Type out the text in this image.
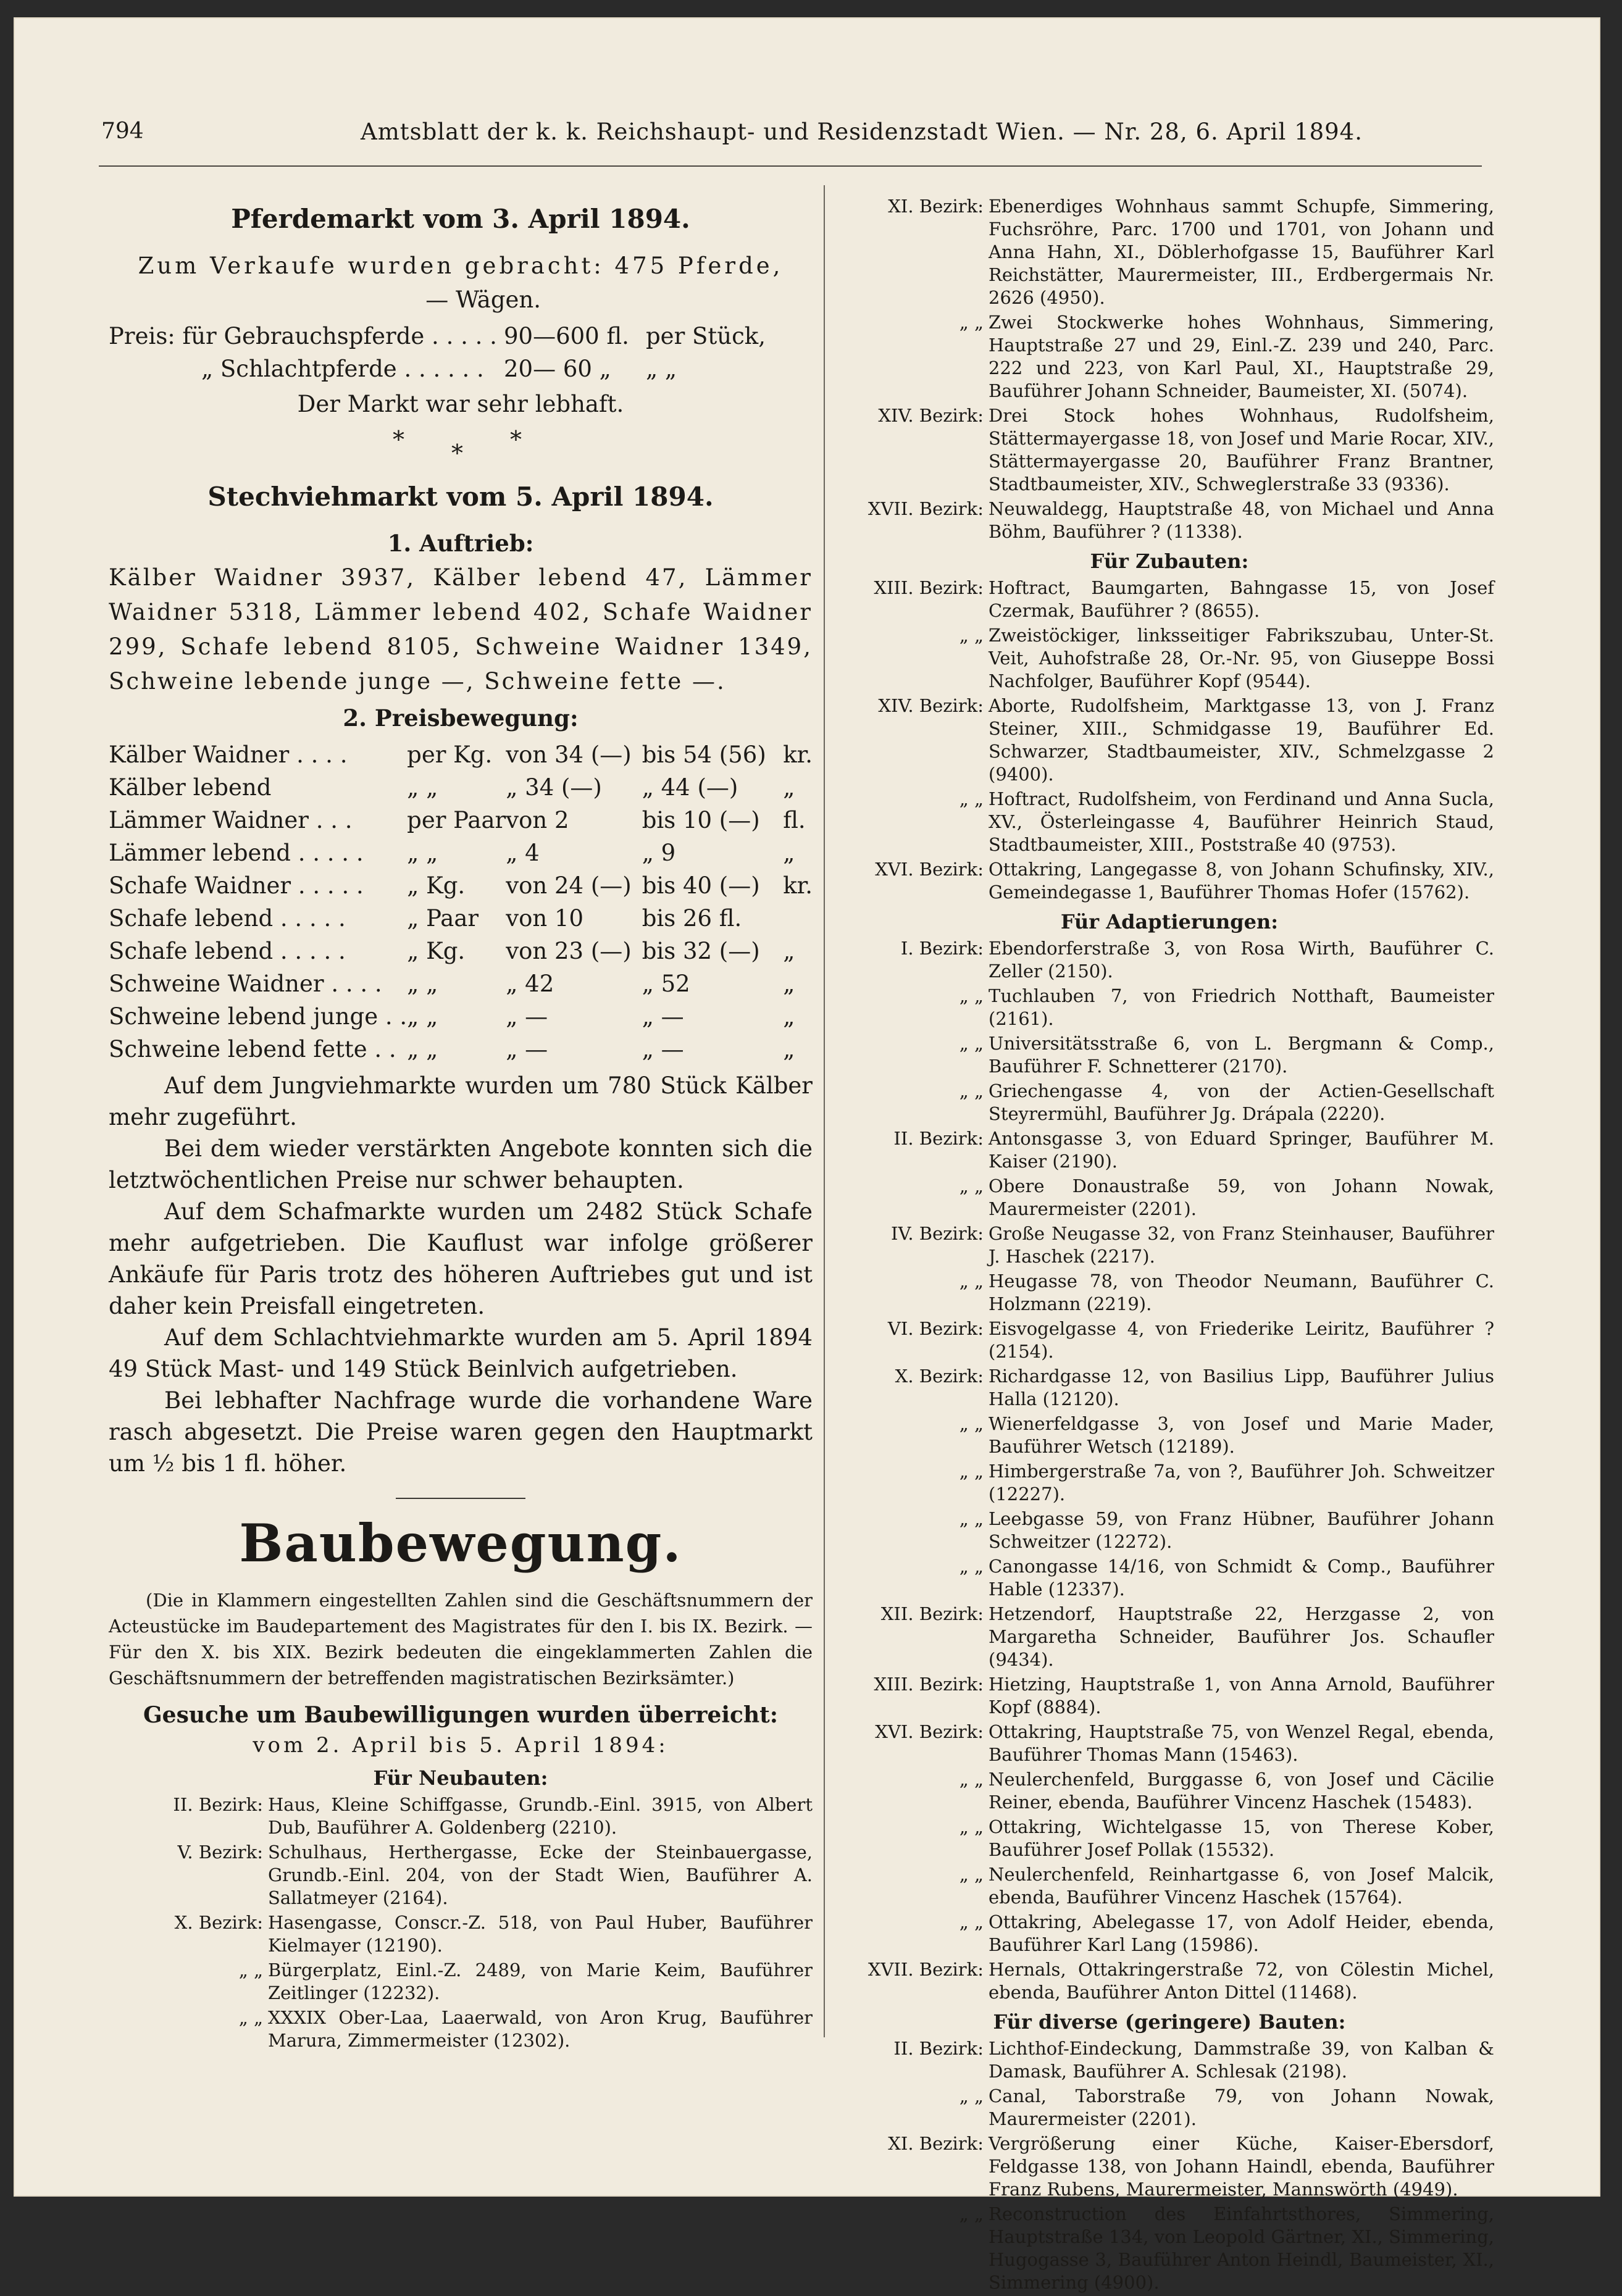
794	Amtsblatt der k. k. Reichshaupt- und Residenzstadt Wien. — Nr. 28, 6. April 1894.
Pferdemarkt vom 3. April 1894.
Zum Verkaufe wurden gebracht: 475 Pferde,
— Wägen.
Preis: für Gebrauchspferde . . . . .	90—600 fl.	per Stück,
„ Schlachtpferde . . . . . .	20— 60 „	„ „
Der Markt war sehr lebhaft.
* * *
Stechviehmarkt vom 5. April 1894.
1. Auftrieb:

Kälber Waidner 3937, Kälber lebend 47, Lämmer Waidner 5318, Lämmer lebend 402, Schafe Waidner 299, Schafe lebend 8105, Schweine Waidner 1349, Schweine lebende junge —, Schweine fette —.

2. Preisbewegung:
Kälber Waidner . . . .	per Kg.	von 34 (—)	bis 54 (56)	kr.
Kälber lebend	„ „	„ 34 (—)	„ 44 (—)	„
Lämmer Waidner . . .	per Paar	von 2	bis 10 (—)	fl.
Lämmer lebend . . . . .	„ „	„ 4	„ 9	„
Schafe Waidner . . . . .	„ Kg.	von 24 (—)	bis 40 (—)	kr.
Schafe lebend . . . . .	„ Paar	von 10	bis 26 fl.	
Schafe lebend . . . . .	„ Kg.	von 23 (—)	bis 32 (—)	„
Schweine Waidner . . . .	„ „	„ 42	„ 52	„
Schweine lebend junge . .	„ „	„ —	„ —	„
Schweine lebend fette . .	„ „	„ —	„ —	„

Auf dem Jungviehmarkte wurden um 780 Stück Kälber mehr zugeführt.

Bei dem wieder verstärkten Angebote konnten sich die letztwöchentlichen Preise nur schwer behaupten.

Auf dem Schafmarkte wurden um 2482 Stück Schafe mehr aufgetrieben. Die Kauflust war infolge größerer Ankäufe für Paris trotz des höheren Auftriebes gut und ist daher kein Preisfall eingetreten.

Auf dem Schlachtviehmarkte wurden am 5. April 1894 49 Stück Mast- und 149 Stück Beinlvich aufgetrieben.

Bei lebhafter Nachfrage wurde die vorhandene Ware rasch abgesetzt. Die Preise waren gegen den Hauptmarkt um ½ bis 1 fl. höher.

Baubewegung.

(Die in Klammern eingestellten Zahlen sind die Geschäftsnummern der Acteustücke im Baudepartement des Magistrates für den I. bis IX. Bezirk. — Für den X. bis XIX. Bezirk bedeuten die eingeklammerten Zahlen die Geschäftsnummern der betreffenden magistratischen Bezirksämter.)

Gesuche um Baubewilligungen wurden überreicht:
vom 2. April bis 5. April 1894:
Für Neubauten:
II. Bezirk: Haus, Kleine Schiffgasse, Grundb.-Einl. 3915, von Albert Dub, Bauführer A. Goldenberg (2210).
V. Bezirk: Schulhaus, Herthergasse, Ecke der Steinbauergasse, Grundb.-Einl. 204, von der Stadt Wien, Bauführer A. Sallatmeyer (2164).
X. Bezirk: Hasengasse, Conscr.-Z. 518, von Paul Huber, Bauführer Kielmayer (12190).
„ „ Bürgerplatz, Einl.-Z. 2489, von Marie Keim, Bauführer Zeitlinger (12232).
„ „ XXXIX Ober-Laa, Laaerwald, von Aron Krug, Bauführer Marura, Zimmermeister (12302).
XI. Bezirk: Ebenerdiges Wohnhaus sammt Schupfe, Simmering, Fuchsröhre, Parc. 1700 und 1701, von Johann und Anna Hahn, XI., Döblerhofgasse 15, Bauführer Karl Reichstätter, Maurermeister, III., Erdbergermais Nr. 2626 (4950).
„ „ Zwei Stockwerke hohes Wohnhaus, Simmering, Hauptstraße 27 und 29, Einl.-Z. 239 und 240, Parc. 222 und 223, von Karl Paul, XI., Hauptstraße 29, Bauführer Johann Schneider, Baumeister, XI. (5074).
XIV. Bezirk: Drei Stock hohes Wohnhaus, Rudolfsheim, Stättermayergasse 18, von Josef und Marie Rocar, XIV., Stättermayergasse 20, Bauführer Franz Brantner, Stadtbaumeister, XIV., Schweglerstraße 33 (9336).
XVII. Bezirk: Neuwaldegg, Hauptstraße 48, von Michael und Anna Böhm, Bauführer ? (11338).
Für Zubauten:
XIII. Bezirk: Hoftract, Baumgarten, Bahngasse 15, von Josef Czermak, Bauführer ? (8655).
„ „ Zweistöckiger, linksseitiger Fabrikszubau, Unter-St. Veit, Auhofstraße 28, Or.-Nr. 95, von Giuseppe Bossi Nachfolger, Bauführer Kopf (9544).
XIV. Bezirk: Aborte, Rudolfsheim, Marktgasse 13, von J. Franz Steiner, XIII., Schmidgasse 19, Bauführer Ed. Schwarzer, Stadtbaumeister, XIV., Schmelzgasse 2 (9400).
„ „ Hoftract, Rudolfsheim, von Ferdinand und Anna Sucla, XV., Österleingasse 4, Bauführer Heinrich Staud, Stadtbaumeister, XIII., Poststraße 40 (9753).
XVI. Bezirk: Ottakring, Langegasse 8, von Johann Schufinsky, XIV., Gemeindegasse 1, Bauführer Thomas Hofer (15762).
Für Adaptierungen:
I. Bezirk: Ebendorferstraße 3, von Rosa Wirth, Bauführer C. Zeller (2150).
„ „ Tuchlauben 7, von Friedrich Notthaft, Baumeister (2161).
„ „ Universitätsstraße 6, von L. Bergmann & Comp., Bauführer F. Schnetterer (2170).
„ „ Griechengasse 4, von der Actien-Gesellschaft Steyrermühl, Bauführer Jg. Drápala (2220).
II. Bezirk: Antonsgasse 3, von Eduard Springer, Bauführer M. Kaiser (2190).
„ „ Obere Donaustraße 59, von Johann Nowak, Maurermeister (2201).
IV. Bezirk: Große Neugasse 32, von Franz Steinhauser, Bauführer J. Haschek (2217).
„ „ Heugasse 78, von Theodor Neumann, Bauführer C. Holzmann (2219).
VI. Bezirk: Eisvogelgasse 4, von Friederike Leiritz, Bauführer ? (2154).
X. Bezirk: Richardgasse 12, von Basilius Lipp, Bauführer Julius Halla (12120).
„ „ Wienerfeldgasse 3, von Josef und Marie Mader, Bauführer Wetsch (12189).
„ „ Himbergerstraße 7a, von ?, Bauführer Joh. Schweitzer (12227).
„ „ Leebgasse 59, von Franz Hübner, Bauführer Johann Schweitzer (12272).
„ „ Canongasse 14/16, von Schmidt & Comp., Bauführer Hable (12337).
XII. Bezirk: Hetzendorf, Hauptstraße 22, Herzgasse 2, von Margaretha Schneider, Bauführer Jos. Schaufler (9434).
XIII. Bezirk: Hietzing, Hauptstraße 1, von Anna Arnold, Bauführer Kopf (8884).
XVI. Bezirk: Ottakring, Hauptstraße 75, von Wenzel Regal, ebenda, Bauführer Thomas Mann (15463).
„ „ Neulerchenfeld, Burggasse 6, von Josef und Cäcilie Reiner, ebenda, Bauführer Vincenz Haschek (15483).
„ „ Ottakring, Wichtelgasse 15, von Therese Kober, Bauführer Josef Pollak (15532).
„ „ Neulerchenfeld, Reinhartgasse 6, von Josef Malcik, ebenda, Bauführer Vincenz Haschek (15764).
„ „ Ottakring, Abelegasse 17, von Adolf Heider, ebenda, Bauführer Karl Lang (15986).
XVII. Bezirk: Hernals, Ottakringerstraße 72, von Cölestin Michel, ebenda, Bauführer Anton Dittel (11468).
Für diverse (geringere) Bauten:
II. Bezirk: Lichthof-Eindeckung, Dammstraße 39, von Kalban & Damask, Bauführer A. Schlesak (2198).
„ „ Canal, Taborstraße 79, von Johann Nowak, Maurermeister (2201).
XI. Bezirk: Vergrößerung einer Küche, Kaiser-Ebersdorf, Feldgasse 138, von Johann Haindl, ebenda, Bauführer Franz Rubens, Maurermeister, Mannswörth (4949).
„ „ Reconstruction des Einfahrtsthores, Simmering, Hauptstraße 134, von Leopold Gärtner, XI., Simmering, Hugogasse 3, Bauführer Anton Heindl, Baumeister, XI., Simmering (4900).
